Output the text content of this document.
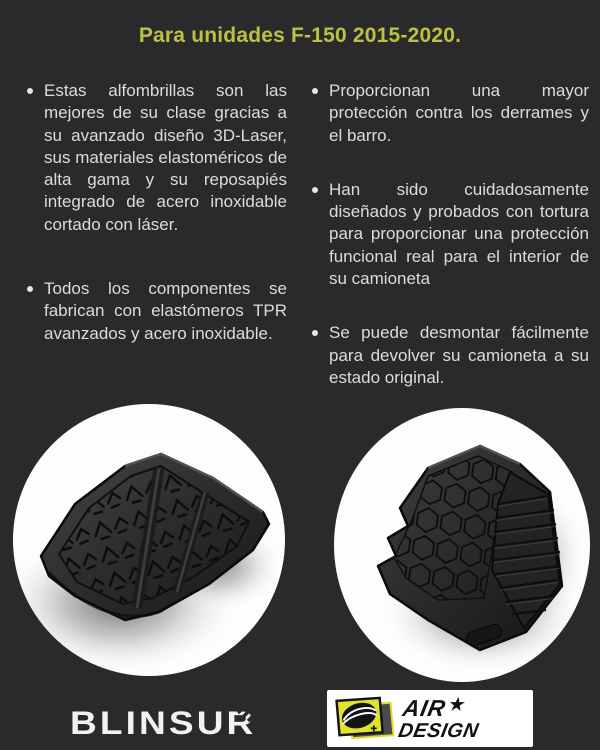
Para unidades F-150 2015-2020.

Estas alfombrillas son las mejores de su clase gracias a su avanzado diseño 3D-Laser, sus materiales elastoméricos de alta gama y su reposapiés integrado de acero inoxidable cortado con láser.

Todos los componentes se fabrican con elastómeros TPR avanzados y acero inoxidable.

Proporcionan una mayor protección contra los derrames y el barro.

Han sido cuidadosamente diseñados y probados con tortura para proporcionar una protección funcional real para el interior de su camioneta

Se puede desmontar fácilmente para devolver su camioneta a su estado original.

BLINSUR	AIR ★
DESIGN
